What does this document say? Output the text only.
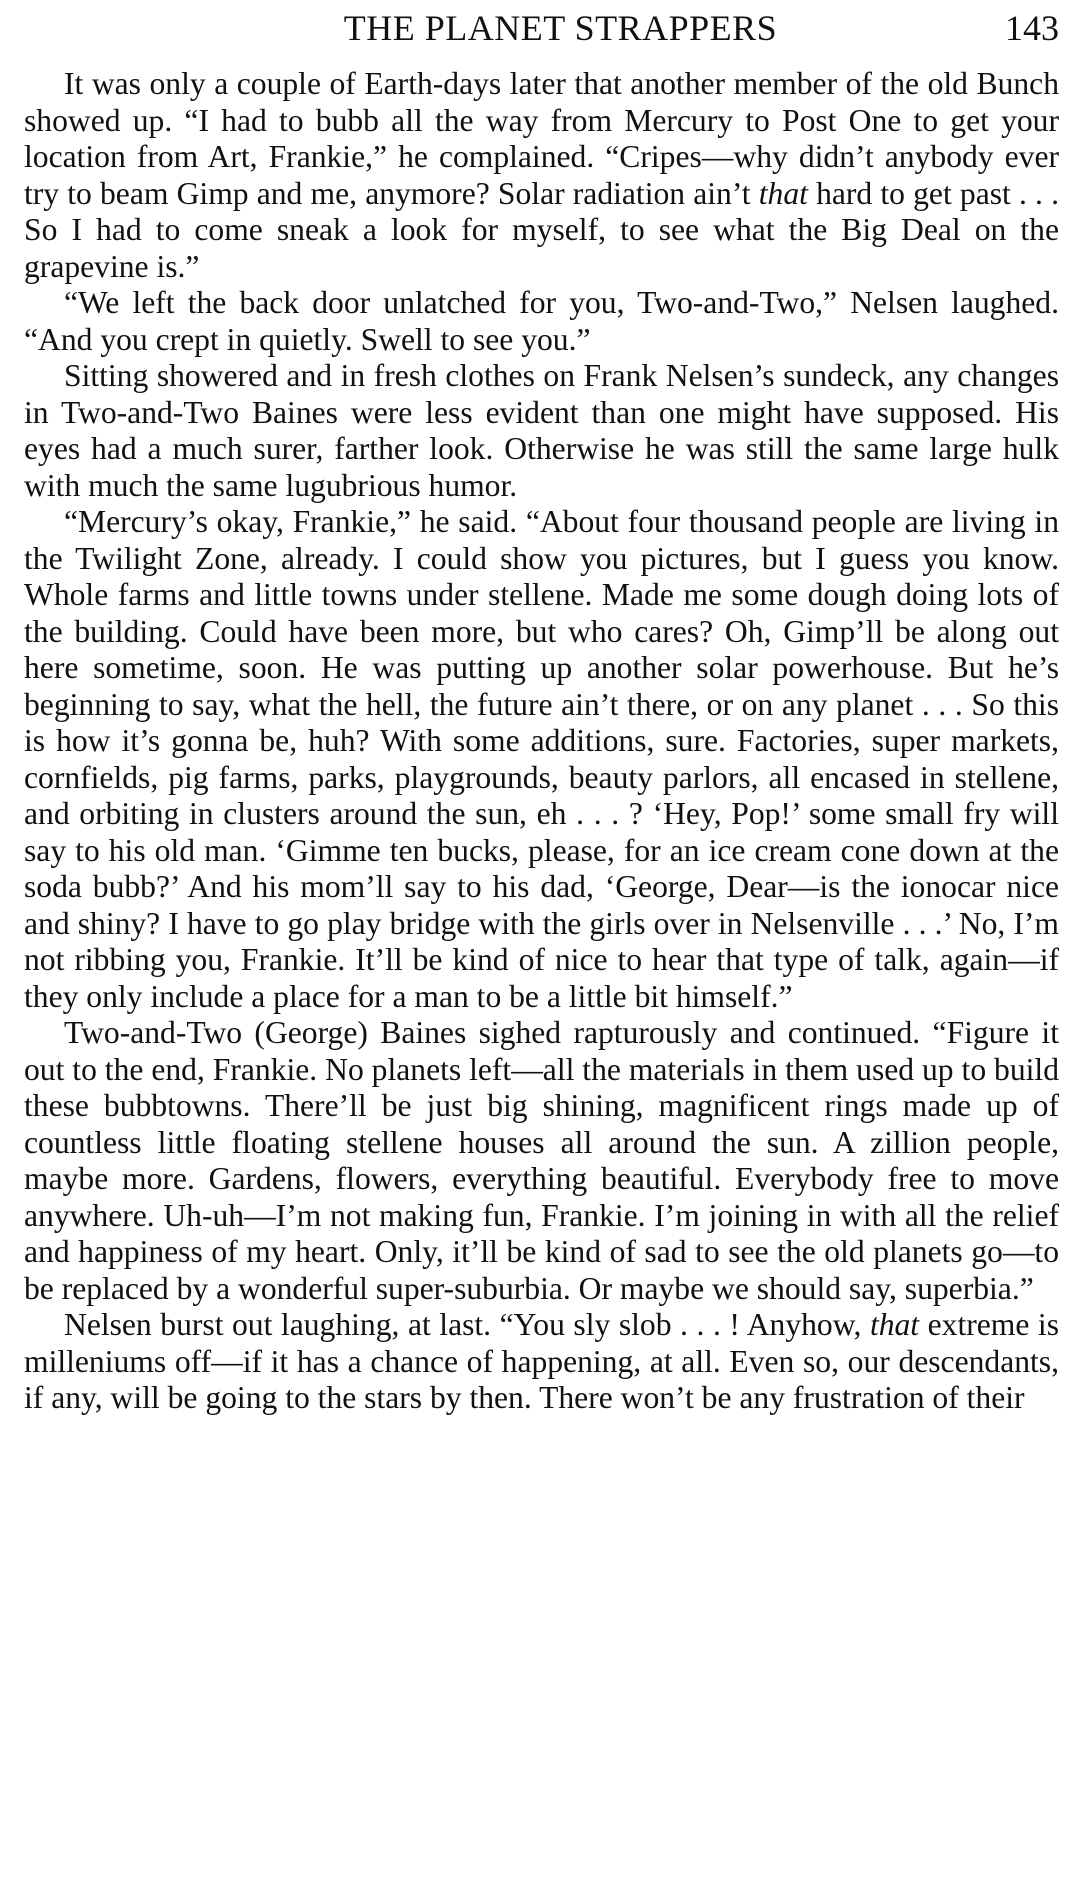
THE PLANET STRAPPERS	143

It was only a couple of Earth-days later that another member of the old Bunch showed up. “I had to bubb all the way from Mercury to Post One to get your location from Art, Frankie,” he complained. “Cripes—why didn’t anybody ever try to beam Gimp and me, anymore? Solar radiation ain’t that hard to get past . . . So I had to come sneak a look for myself, to see what the Big Deal on the grapevine is.”

“We left the back door unlatched for you, Two-and-Two,” Nelsen laughed. “And you crept in quietly. Swell to see you.”

Sitting showered and in fresh clothes on Frank Nelsen’s sundeck, any changes in Two-and-Two Baines were less evident than one might have supposed. His eyes had a much surer, farther look. Otherwise he was still the same large hulk with much the same lugubrious humor.

“Mercury’s okay, Frankie,” he said. “About four thousand people are living in the Twilight Zone, already. I could show you pictures, but I guess you know. Whole farms and little towns under stellene. Made me some dough doing lots of the building. Could have been more, but who cares? Oh, Gimp’ll be along out here sometime, soon. He was putting up another solar powerhouse. But he’s beginning to say, what the hell, the future ain’t there, or on any planet . . . So this is how it’s gonna be, huh? With some additions, sure. Factories, super markets, cornfields, pig farms, parks, playgrounds, beauty parlors, all encased in stellene, and orbiting in clusters around the sun, eh . . . ? ‘Hey, Pop!’ some small fry will say to his old man. ‘Gimme ten bucks, please, for an ice cream cone down at the soda bubb?’ And his mom’ll say to his dad, ‘George, Dear—is the ionocar nice and shiny? I have to go play bridge with the girls over in Nelsenville . . .’ No, I’m not ribbing you, Frankie. It’ll be kind of nice to hear that type of talk, again—if they only include a place for a man to be a little bit himself.”

Two-and-Two (George) Baines sighed rapturously and continued. “Figure it out to the end, Frankie. No planets left—all the materials in them used up to build these bubbtowns. There’ll be just big shining, magnificent rings made up of countless little floating stellene houses all around the sun. A zillion people, maybe more. Gardens, flowers, everything beautiful. Everybody free to move anywhere. Uh-uh—I’m not making fun, Frankie. I’m joining in with all the relief and happiness of my heart. Only, it’ll be kind of sad to see the old planets go—to be replaced by a wonderful super-suburbia. Or maybe we should say, superbia.”

Nelsen burst out laughing, at last. “You sly slob . . . ! Anyhow, that extreme is milleniums off—if it has a chance of happening, at all. Even so, our descendants, if any, will be going to the stars by then. There won’t be any frustration of their
